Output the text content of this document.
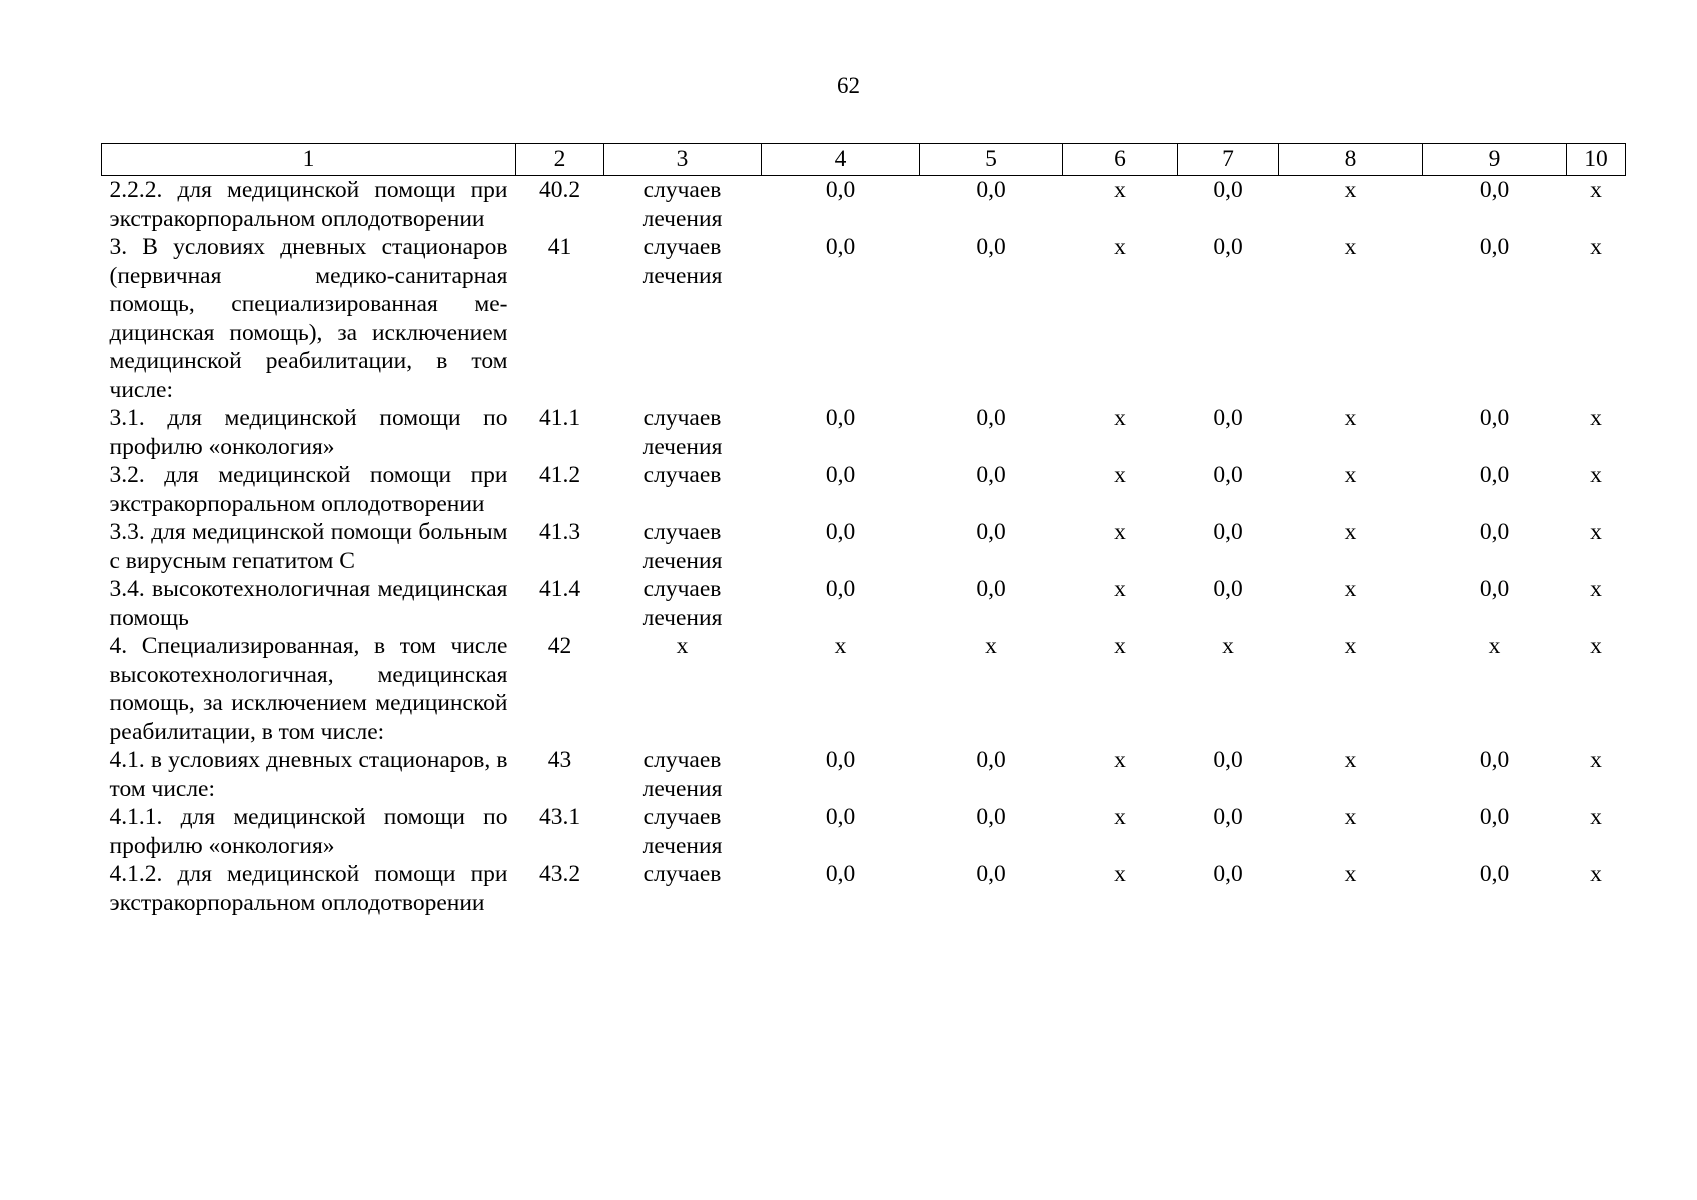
62
1	2	3	4	5	6	7	8	9	10
2.2.2. для медицинской помощи при экстракорпоральном оплодотворении	40.2	случаев лечения	0,0	0,0	х	0,0	х	0,0	х
3. В условиях дневных стационаров (первичная медико-санитарная помощь, специализированная медицинская помощь), за исключением медицинской реабилитации, в том числе:	41	случаев лечения	0,0	0,0	х	0,0	х	0,0	х
3.1. для медицинской помощи по профилю «онкология»	41.1	случаев лечения	0,0	0,0	х	0,0	х	0,0	х
3.2. для медицинской помощи при экстракорпоральном оплодотворении	41.2	случаев	0,0	0,0	х	0,0	х	0,0	х
3.3. для медицинской помощи больным с вирусным гепатитом С	41.3	случаев лечения	0,0	0,0	х	0,0	х	0,0	х
3.4. высокотехнологичная медицинская помощь	41.4	случаев лечения	0,0	0,0	х	0,0	х	0,0	х
4. Специализированная, в том числе высокотехнологичная, медицинская помощь, за исключением медицинской реабилитации, в том числе:	42	х	х	х	х	х	х	х	х
4.1. в условиях дневных стационаров, в том числе:	43	случаев лечения	0,0	0,0	х	0,0	х	0,0	х
4.1.1. для медицинской помощи по профилю «онкология»	43.1	случаев лечения	0,0	0,0	х	0,0	х	0,0	х
4.1.2. для медицинской помощи при экстракорпоральном оплодотворении	43.2	случаев	0,0	0,0	х	0,0	х	0,0	х
